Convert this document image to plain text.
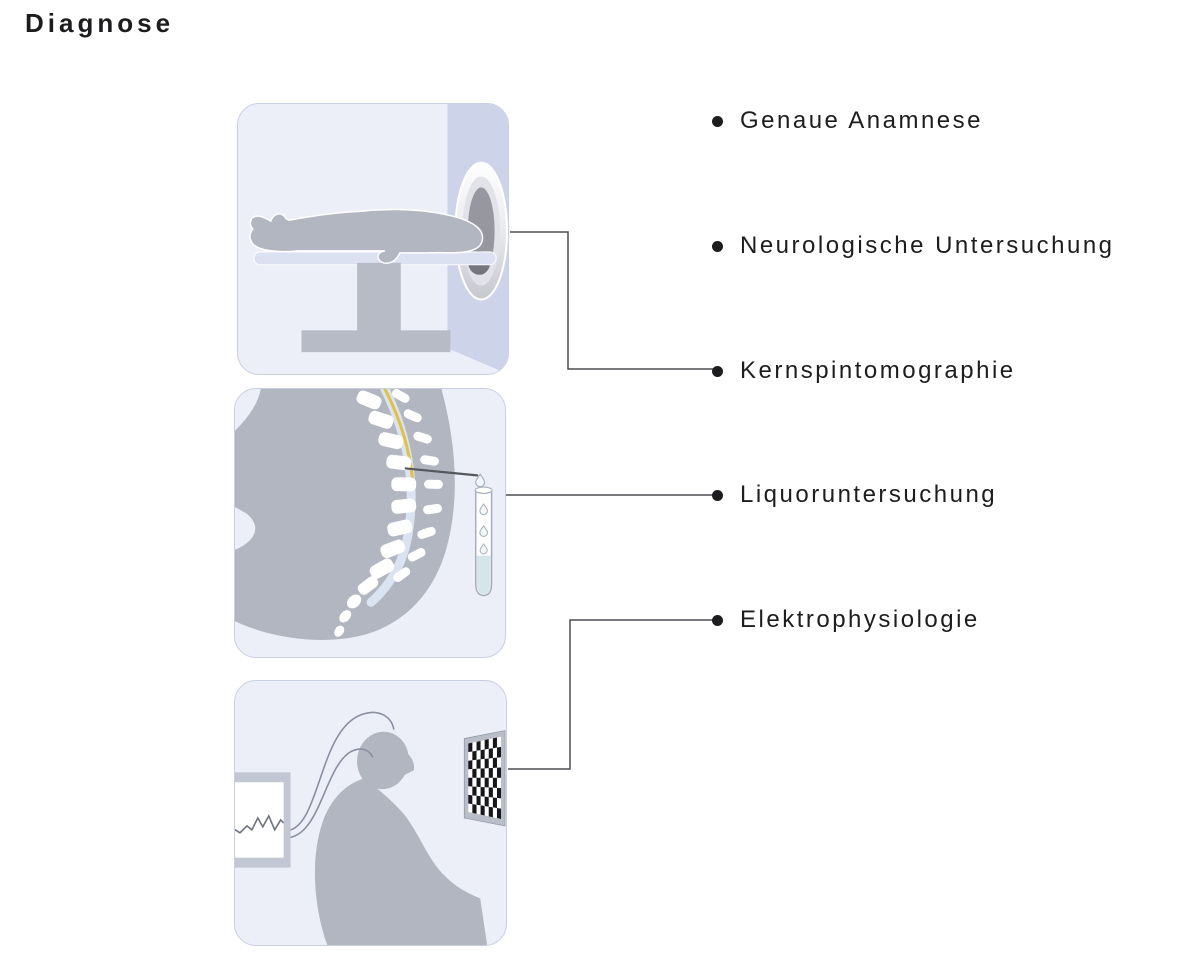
Diagnose
Genaue Anamnese
Neurologische Untersuchung
Kernspintomographie
Liquoruntersuchung
Elektrophysiologie
